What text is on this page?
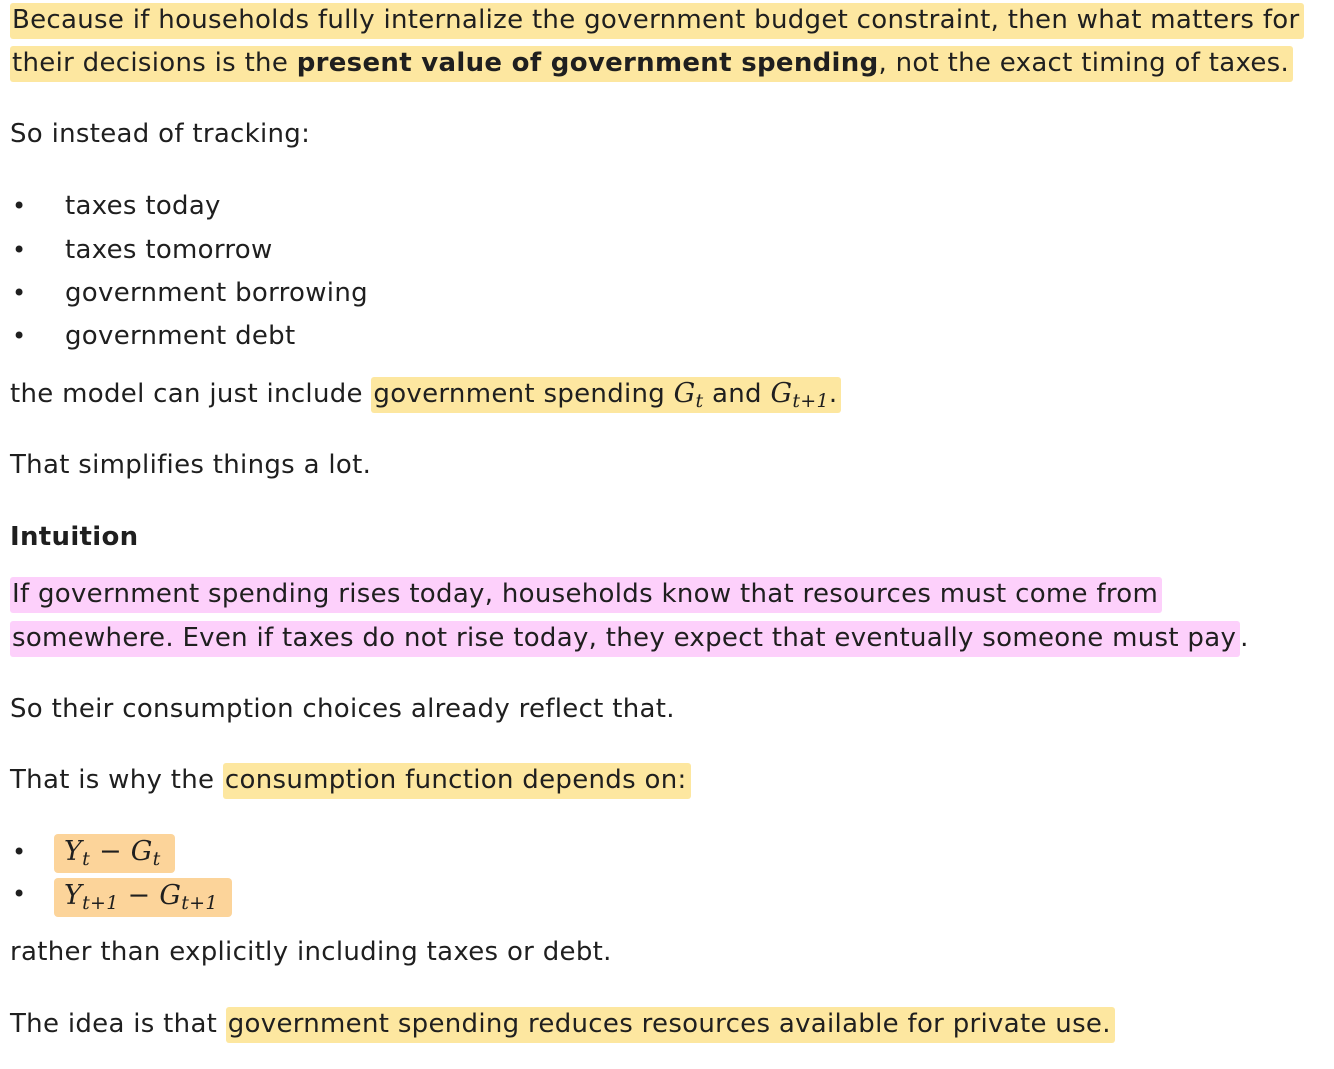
Because if households fully internalize the government budget constraint, then what matters for
their decisions is the present value of government spending, not the exact timing of taxes.
So instead of tracking:
• taxes today
• taxes tomorrow
• government borrowing
• government debt
the model can just include government spending $G_t$ and $G_{t+1}$.
That simplifies things a lot.
Intuition
If government spending rises today, households know that resources must come from
somewhere. Even if taxes do not rise today, they expect that eventually someone must pay .
So their consumption choices already reflect that.
That is why the consumption function depends on:
•	$Y_t - G_t$
•	$Y_{t+1} - G_{t+1}$
rather than explicitly including taxes or debt.
The idea is that government spending reduces resources available for private use.
